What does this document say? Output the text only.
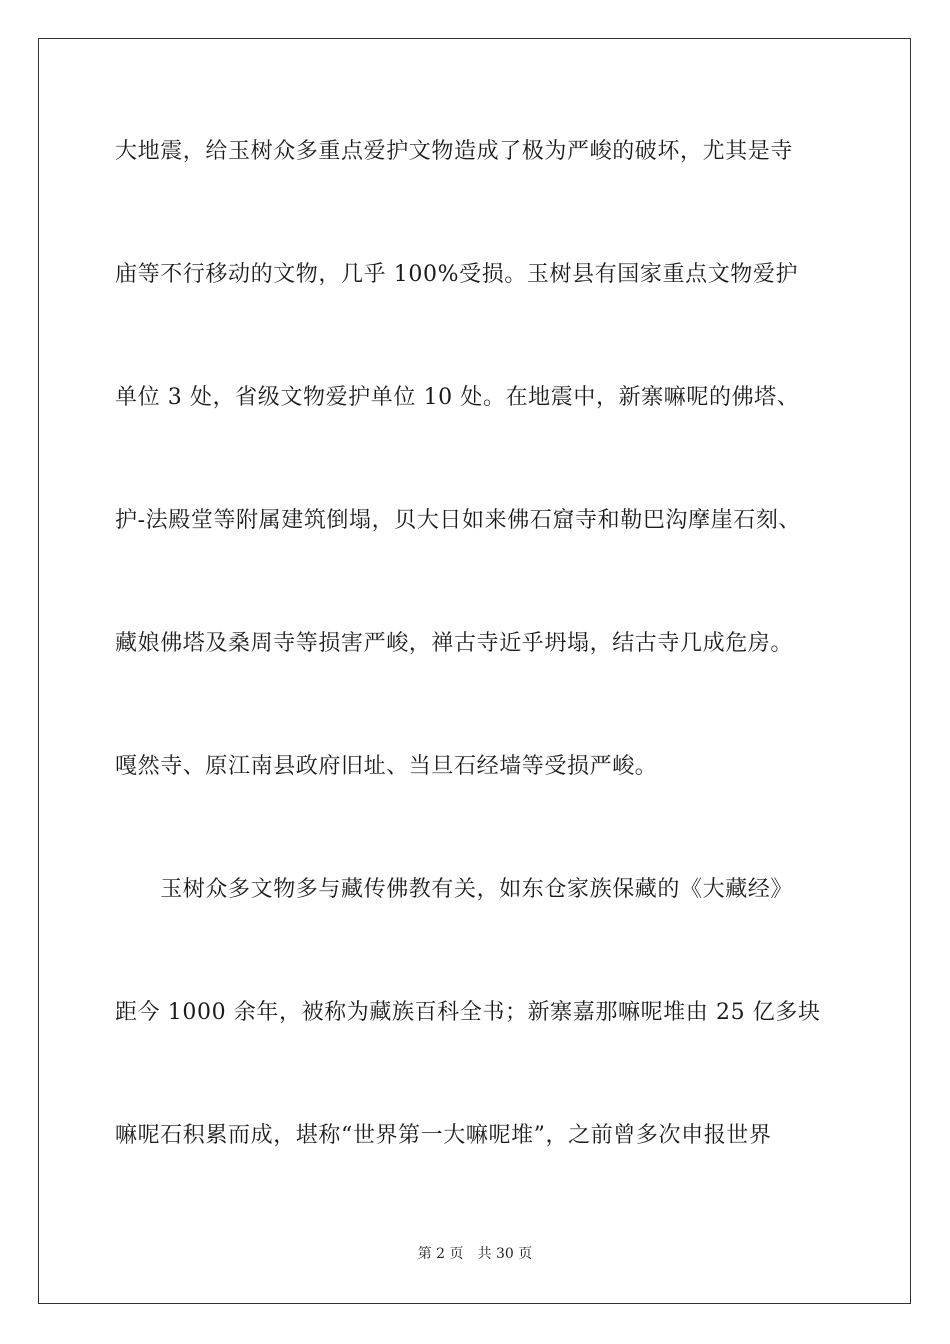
大地震，给玉树众多重点爱护文物造成了极为严峻的破坏，尤其是寺
庙等不行移动的文物，几乎 100%受损。玉树县有国家重点文物爱护
单位 3 处，省级文物爱护单位 10 处。在地震中，新寨嘛呢的佛塔、
护-法殿堂等附属建筑倒塌，贝大日如来佛石窟寺和勒巴沟摩崖石刻、
藏娘佛塔及桑周寺等损害严峻，禅古寺近乎坍塌，结古寺几成危房。
嘎然寺、原江南县政府旧址、当旦石经墙等受损严峻。
　　玉树众多文物多与藏传佛教有关，如东仓家族保藏的《大藏经》
距今 1000 余年，被称为藏族百科全书；新寨嘉那嘛呢堆由 25 亿多块
嘛呢石积累而成，堪称“世界第一大嘛呢堆”，之前曾多次申报世界
第 2 页 共 30 页
